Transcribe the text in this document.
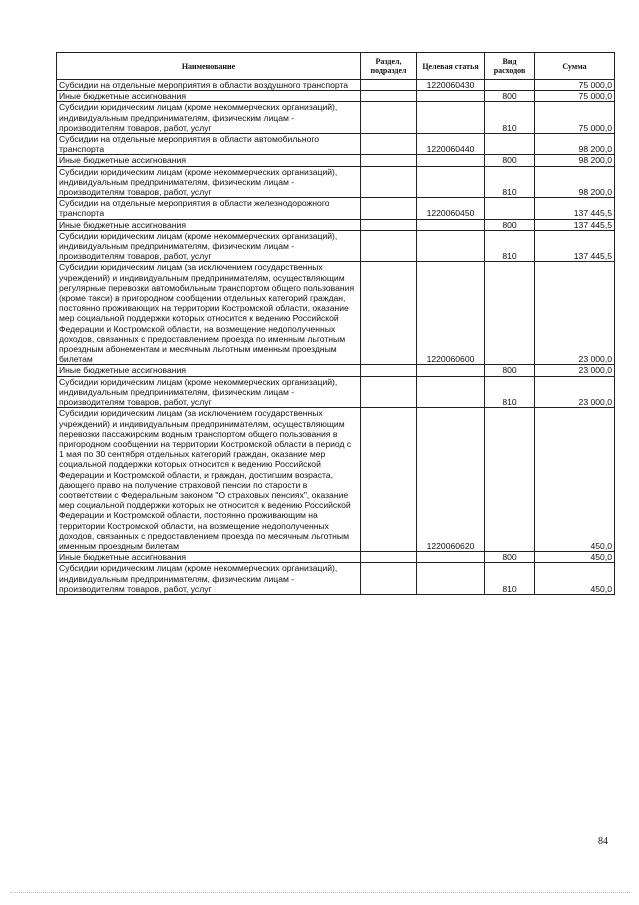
Наименование	Раздел, подраздел	Целевая статья	Вид расходов	Сумма
Субсидии на отдельные мероприятия в области воздушного транспорта		1220060430		75 000,0
Иные бюджетные ассигнования			800	75 000,0
Субсидии юридическим лицам (кроме некоммерческих организаций), индивидуальным предпринимателям, физическим лицам - производителям товаров, работ, услуг			810	75 000,0
Субсидии на отдельные мероприятия в области автомобильного транспорта		1220060440		98 200,0
Иные бюджетные ассигнования			800	98 200,0
Субсидии юридическим лицам (кроме некоммерческих организаций), индивидуальным предпринимателям, физическим лицам - производителям товаров, работ, услуг			810	98 200,0
Субсидии на отдельные мероприятия в области железнодорожного транспорта		1220060450		137 445,5
Иные бюджетные ассигнования			800	137 445,5
Субсидии юридическим лицам (кроме некоммерческих организаций), индивидуальным предпринимателям, физическим лицам - производителям товаров, работ, услуг			810	137 445,5
Субсидии юридическим лицам (за исключением государственных учреждений) и индивидуальным предпринимателям, осуществляющим регулярные перевозки автомобильным транспортом общего пользования (кроме такси) в пригородном сообщении отдельных категорий граждан, постоянно проживающих на территории Костромской области, оказание мер социальной поддержки которых относится к ведению Российской Федерации и Костромской области, на возмещение недополученных доходов, связанных с предоставлением проезда по именным льготным проездным абонементам и месячным льготным именным проездным билетам		1220060600		23 000,0
Иные бюджетные ассигнования			800	23 000,0
Субсидии юридическим лицам (кроме некоммерческих организаций), индивидуальным предпринимателям, физическим лицам - производителям товаров, работ, услуг			810	23 000,0
Субсидии юридическим лицам (за исключением государственных учреждений) и индивидуальным предпринимателям, осуществляющим перевозки пассажирским водным транспортом общего пользования в пригородном сообщении на территории Костромской области в период с 1 мая по 30 сентября отдельных категорий граждан, оказание мер социальной поддержки которых относится к ведению Российской Федерации и Костромской области, и граждан, достигшим возраста, дающего право на получение страховой пенсии по старости в соответствии с Федеральным законом "О страховых пенсиях", оказание мер социальной поддержки которых не относится к ведению Российской Федерации и Костромской области, постоянно проживающим на территории Костромской области, на возмещение недополученных доходов, связанных с предоставлением проезда по месячным льготным именным проездным билетам		1220060620		450,0
Иные бюджетные ассигнования			800	450,0
Субсидии юридическим лицам (кроме некоммерческих организаций), индивидуальным предпринимателям, физическим лицам - производителям товаров, работ, услуг			810	450,0
84
